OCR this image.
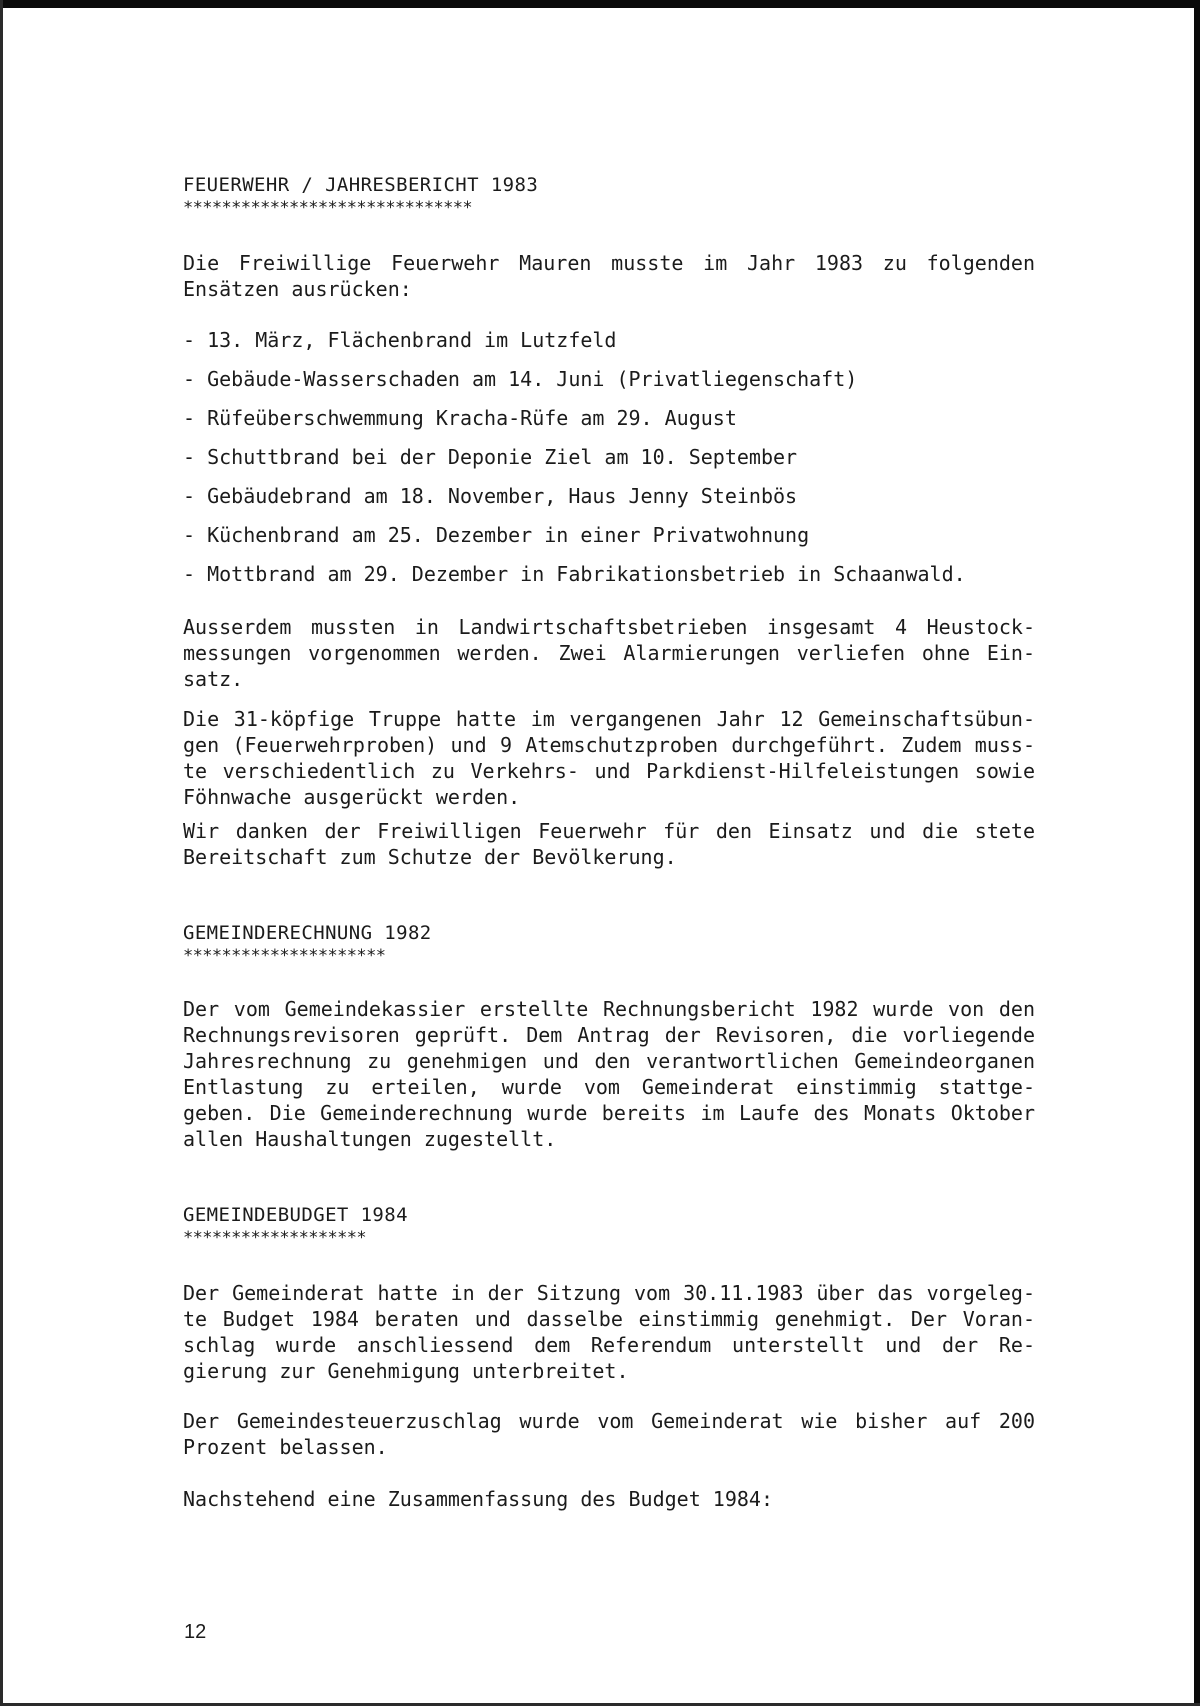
FEUERWEHR / JAHRESBERICHT 1983
******************************
Die Freiwillige Feuerwehr Mauren musste im Jahr 1983 zu folgenden Ensätzen ausrücken:
- 13. März, Flächenbrand im Lutzfeld
- Gebäude-Wasserschaden am 14. Juni (Privatliegenschaft)
- Rüfeüberschwemmung Kracha-Rüfe am 29. August
- Schuttbrand bei der Deponie Ziel am 10. September
- Gebäudebrand am 18. November, Haus Jenny Steinbös
- Küchenbrand am 25. Dezember in einer Privatwohnung
- Mottbrand am 29. Dezember in Fabrikationsbetrieb in Schaanwald.
Ausserdem mussten in Landwirtschaftsbetrieben insgesamt 4 Heustock-messungen vorgenommen werden. Zwei Alarmierungen verliefen ohne Ein-satz.
Die 31-köpfige Truppe hatte im vergangenen Jahr 12 Gemeinschaftsübun-gen (Feuerwehrproben) und 9 Atemschutzproben durchgeführt. Zudem muss-te verschiedentlich zu Verkehrs- und Parkdienst-Hilfeleistungen sowie Föhnwache ausgerückt werden.
Wir danken der Freiwilligen Feuerwehr für den Einsatz und die stete Bereitschaft zum Schutze der Bevölkerung.
GEMEINDERECHNUNG 1982
*********************
Der vom Gemeindekassier erstellte Rechnungsbericht 1982 wurde von den Rechnungsrevisoren geprüft. Dem Antrag der Revisoren, die vorliegende Jahresrechnung zu genehmigen und den verantwortlichen Gemeindeorganen Entlastung zu erteilen, wurde vom Gemeinderat einstimmig stattge-geben. Die Gemeinderechnung wurde bereits im Laufe des Monats Oktober allen Haushaltungen zugestellt.
GEMEINDEBUDGET 1984
*******************
Der Gemeinderat hatte in der Sitzung vom 30.11.1983 über das vorgeleg-te Budget 1984 beraten und dasselbe einstimmig genehmigt. Der Voran-schlag wurde anschliessend dem Referendum unterstellt und der Re-gierung zur Genehmigung unterbreitet.
Der Gemeindesteuerzuschlag wurde vom Gemeinderat wie bisher auf 200 Prozent belassen.
Nachstehend eine Zusammenfassung des Budget 1984:
12
